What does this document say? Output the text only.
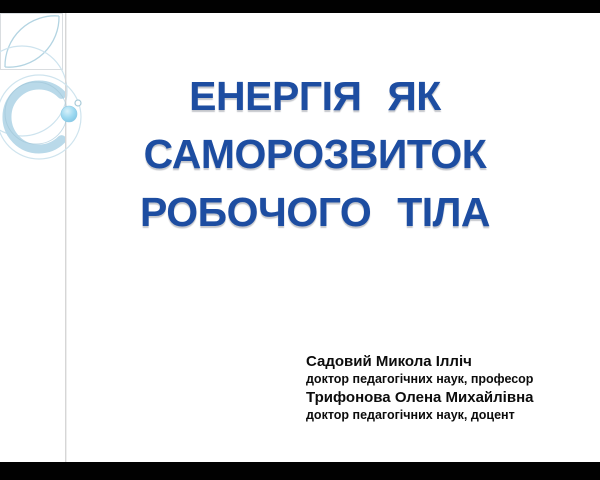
ЕНЕРГІЯ ЯК
САМОРОЗВИТОК
РОБОЧОГО ТІЛА
Садовий Микола Ілліч
доктор педагогічних наук, професор
Трифонова Олена Михайлівна
доктор педагогічних наук, доцент
